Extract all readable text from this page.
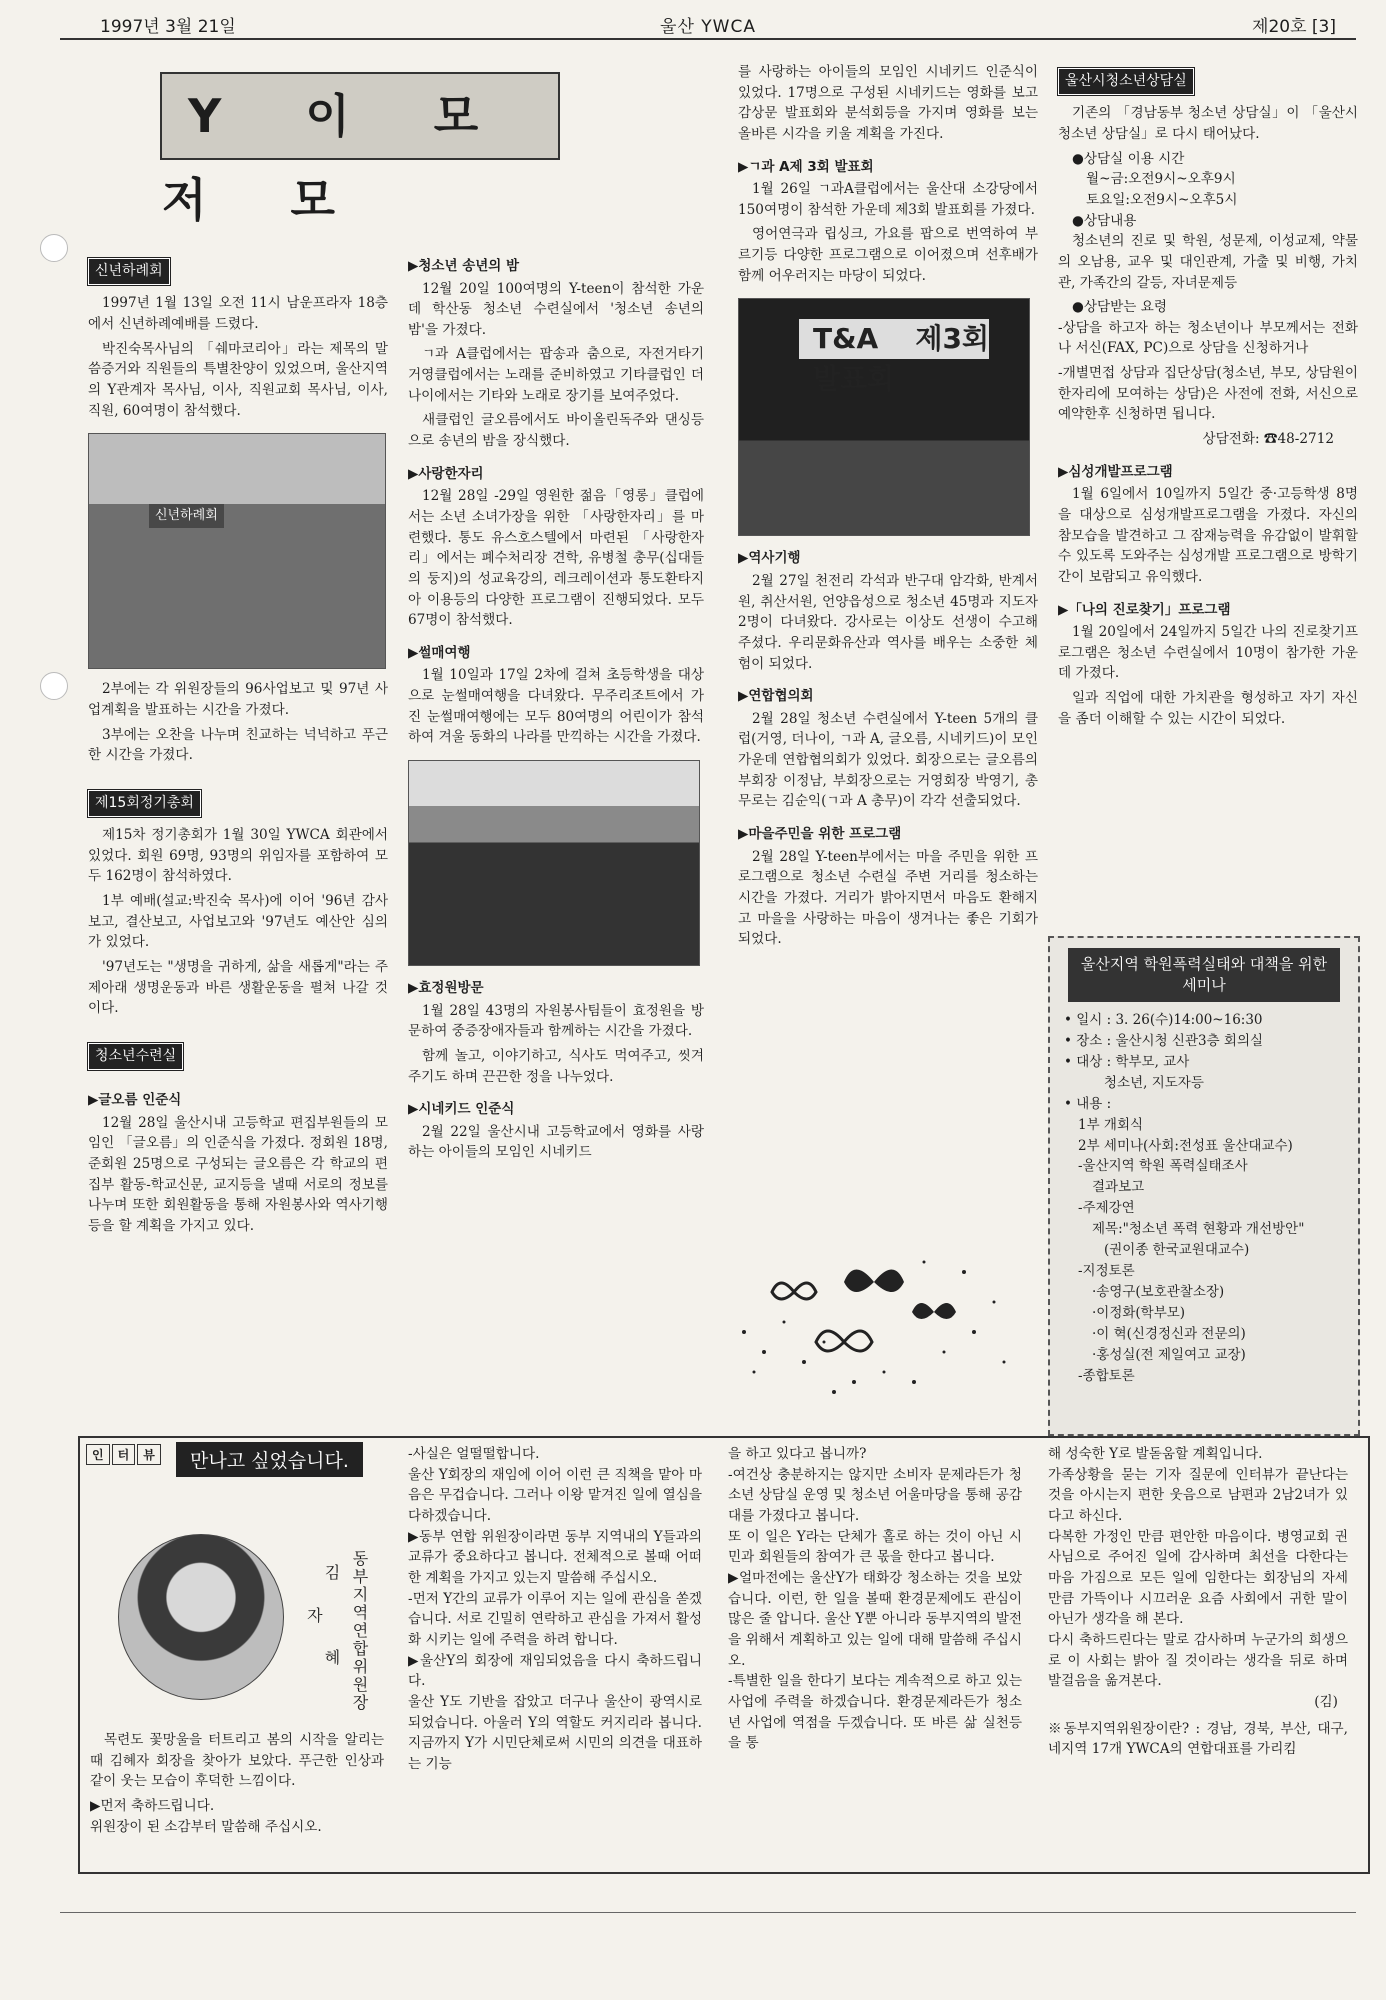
1997년 3월 21일	울산 YWCA	제20호 [3]
Y 이 모 저 모
신년하례회

1997년 1월 13일 오전 11시 남운프라자 18층에서 신년하례예배를 드렸다.

박진숙목사님의 「쉐마코리아」라는 제목의 말씀증거와 직원들의 특별찬양이 있었으며, 울산지역의 Y관계자 목사님, 이사, 직원교회 목사님, 이사, 직원, 60여명이 참석했다.

신년하례회

2부에는 각 위원장들의 96사업보고 및 97년 사업계획을 발표하는 시간을 가졌다.

3부에는 오찬을 나누며 친교하는 넉넉하고 푸근한 시간을 가졌다.

제15회정기총회

제15차 정기총회가 1월 30일 YWCA 회관에서 있었다. 회원 69명, 93명의 위임자를 포함하여 모두 162명이 참석하였다.

1부 예배(설교:박진숙 목사)에 이어 '96년 감사보고, 결산보고, 사업보고와 '97년도 예산안 심의가 있었다.

'97년도는 "생명을 귀하게, 삶을 새롭게"라는 주제아래 생명운동과 바른 생활운동을 펼쳐 나갈 것이다.

청소년수련실
▶글오름 인준식

12월 28일 울산시내 고등학교 편집부원들의 모임인 「글오름」의 인준식을 가졌다. 정회원 18명, 준회원 25명으로 구성되는 글오름은 각 학교의 편집부 활동-학교신문, 교지등을 낼때 서로의 정보를 나누며 또한 회원활동을 통해 자원봉사와 역사기행등을 할 계획을 가지고 있다.

▶청소년 송년의 밤

12월 20일 100여명의 Y-teen이 참석한 가운데 학산동 청소년 수련실에서 '청소년 송년의 밤'을 가졌다.

ㄱ과 A클럽에서는 팝송과 춤으로, 자전거타기 거영클럽에서는 노래를 준비하였고 기타클럽인 더나이에서는 기타와 노래로 장기를 보여주었다.

새클럽인 글오름에서도 바이올린독주와 댄싱등으로 송년의 밤을 장식했다.

▶사랑한자리

12월 28일 -29일 영원한 젊음「영롱」클럽에서는 소년 소녀가장을 위한 「사랑한자리」를 마련했다. 통도 유스호스텔에서 마련된 「사랑한자리」에서는 폐수처리장 견학, 유병철 총무(십대들의 둥지)의 성교육강의, 레크레이션과 통도환타지아 이용등의 다양한 프로그램이 진행되었다. 모두 67명이 참석했다.

▶썰매여행

1월 10일과 17일 2차에 걸쳐 초등학생을 대상으로 눈썰매여행을 다녀왔다. 무주리조트에서 가진 눈썰매여행에는 모두 80여명의 어린이가 참석하여 겨울 동화의 나라를 만끽하는 시간을 가졌다.

▶효정원방문

1월 28일 43명의 자원봉사팀들이 효정원을 방문하여 중증장애자들과 함께하는 시간을 가졌다.

함께 놀고, 이야기하고, 식사도 먹여주고, 씻겨주기도 하며 끈끈한 정을 나누었다.

▶시네키드 인준식

2월 22일 울산시내 고등학교에서 영화를 사랑하는 아이들의 모임인 시네키드

를 사랑하는 아이들의 모임인 시네키드 인준식이 있었다. 17명으로 구성된 시네키드는 영화를 보고 감상문 발표회와 분석회등을 가지며 영화를 보는 올바른 시각을 키울 계획을 가진다.

▶ㄱ과 A제 3회 발표회

1월 26일 ㄱ과A클럽에서는 울산대 소강당에서 150여명이 참석한 가운데 제3회 발표회를 가졌다.

영어연극과 립싱크, 가요를 팝으로 번역하여 부르기등 다양한 프로그램으로 이어졌으며 선후배가 함께 어우러지는 마당이 되었다.

T&A 제3회 발표회
▶역사기행

2월 27일 천전리 각석과 반구대 암각화, 반계서원, 취산서원, 언양읍성으로 청소년 45명과 지도자 2명이 다녀왔다. 강사로는 이상도 선생이 수고해 주셨다. 우리문화유산과 역사를 배우는 소중한 체험이 되었다.

▶연합협의회

2월 28일 청소년 수련실에서 Y-teen 5개의 클럽(거영, 더나이, ㄱ과 A, 글오름, 시네키드)이 모인 가운데 연합협의회가 있었다. 회장으로는 글오름의 부회장 이정남, 부회장으로는 거영회장 박영기, 총무로는 김순익(ㄱ과 A 총무)이 각각 선출되었다.

▶마을주민을 위한 프로그램

2월 28일 Y-teen부에서는 마을 주민을 위한 프로그램으로 청소년 수련실 주변 거리를 청소하는 시간을 가졌다. 거리가 밝아지면서 마음도 환해지고 마을을 사랑하는 마음이 생겨나는 좋은 기회가 되었다.

울산시청소년상담실

기존의 「경남동부 청소년 상담실」이 「울산시 청소년 상담실」로 다시 태어났다.

●상담실 이용 시간
월~금:오전9시~오후9시
토요일:오전9시~오후5시
●상담내용

청소년의 진로 및 학원, 성문제, 이성교제, 약물의 오남용, 교우 및 대인관계, 가출 및 비행, 가치관, 가족간의 갈등, 자녀문제등

●상담받는 요령

-상담을 하고자 하는 청소년이나 부모께서는 전화나 서신(FAX, PC)으로 상담을 신청하거나

-개별면접 상담과 집단상담(청소년, 부모, 상담원이 한자리에 모여하는 상담)은 사전에 전화, 서신으로 예약한후 신청하면 됩니다.

상담전화: ☎48-2712
▶심성개발프로그램

1월 6일에서 10일까지 5일간 중·고등학생 8명을 대상으로 심성개발프로그램을 가졌다. 자신의 참모습을 발견하고 그 잠재능력을 유감없이 발휘할 수 있도록 도와주는 심성개발 프로그램으로 방학기간이 보람되고 유익했다.

▶「나의 진로찾기」프로그램

1월 20일에서 24일까지 5일간 나의 진로찾기프로그램은 청소년 수련실에서 10명이 참가한 가운데 가졌다.

일과 직업에 대한 가치관을 형성하고 자기 자신을 좀더 이해할 수 있는 시간이 되었다.

울산지역 학원폭력실태와 대책을 위한 세미나
• 일시 : 3. 26(수)14:00~16:30
• 장소 : 울산시청 신관3층 회의실
• 대상 : 학부모, 교사
청소년, 지도자등
• 내용 :
1부 개회식
2부 세미나(사회:전성표 울산대교수)
-울산지역 학원 폭력실태조사
결과보고
-주제강연
제목:"청소년 폭력 현황과 개선방안"
(권이종 한국교원대교수)
-지정토론
·송영구(보호관찰소장)
·이정화(학부모)
·이 혁(신경정신과 전문의)
·홍성실(전 제일여고 교장)
-종합토론
인 터 뷰	만나고 싶었습니다.
김 혜 자	동부지역연합위원장

목련도 꽃망울을 터트리고 봄의 시작을 알리는 때 김혜자 회장을 찾아가 보았다. 푸근한 인상과 같이 웃는 모습이 후덕한 느낌이다.

▶먼저 축하드립니다.
위원장이 된 소감부터 말씀해 주십시오.
-사실은 얼떨떨합니다.
울산 Y회장의 재임에 이어 이런 큰 직책을 맡아 마음은 무겁습니다. 그러나 이왕 맡겨진 일에 열심을 다하겠습니다.
▶동부 연합 위원장이라면 동부 지역내의 Y들과의 교류가 중요하다고 봅니다. 전체적으로 볼때 어떠한 계획을 가지고 있는지 말씀해 주십시오.
-먼저 Y간의 교류가 이루어 지는 일에 관심을 쏟겠습니다. 서로 긴밀히 연락하고 관심을 가져서 활성화 시키는 일에 주력을 하려 합니다.
▶울산Y의 회장에 재임되었음을 다시 축하드립니다.
울산 Y도 기반을 잡았고 더구나 울산이 광역시로 되었습니다. 아울러 Y의 역할도 커지리라 봅니다. 지금까지 Y가 시민단체로써 시민의 의견을 대표하는 기능
을 하고 있다고 봅니까?
-여건상 충분하지는 않지만 소비자 문제라든가 청소년 상담실 운영 및 청소년 어울마당을 통해 공감대를 가졌다고 봅니다.
또 이 일은 Y라는 단체가 홀로 하는 것이 아닌 시민과 회원들의 참여가 큰 몫을 한다고 봅니다.
▶얼마전에는 울산Y가 태화강 청소하는 것을 보았습니다. 이런, 한 일을 볼때 환경문제에도 관심이 많은 줄 압니다. 울산 Y뿐 아니라 동부지역의 발전을 위해서 계획하고 있는 일에 대해 말씀해 주십시오.
-특별한 일을 한다기 보다는 계속적으로 하고 있는 사업에 주력을 하겠습니다. 환경문제라든가 청소년 사업에 역점을 두겠습니다. 또 바른 삶 실천등을 통
해 성숙한 Y로 발돋움할 계획입니다.
가족상황을 묻는 기자 질문에 인터뷰가 끝난다는 것을 아시는지 편한 웃음으로 남편과 2남2녀가 있다고 하신다.
다복한 가정인 만큼 편안한 마음이다. 병영교회 권사님으로 주어진 일에 감사하며 최선을 다한다는 마음 가짐으로 모든 일에 임한다는 회장님의 자세만큼 가뜩이나 시끄러운 요즘 사회에서 귀한 말이 아닌가 생각을 해 본다.
다시 축하드린다는 말로 감사하며 누군가의 희생으로 이 사회는 밝아 질 것이라는 생각을 뒤로 하며 발걸음을 옮겨본다.
(김)
※동부지역위원장이란? : 경남, 경북, 부산, 대구, 네지역 17개 YWCA의 연합대표를 가리킴
